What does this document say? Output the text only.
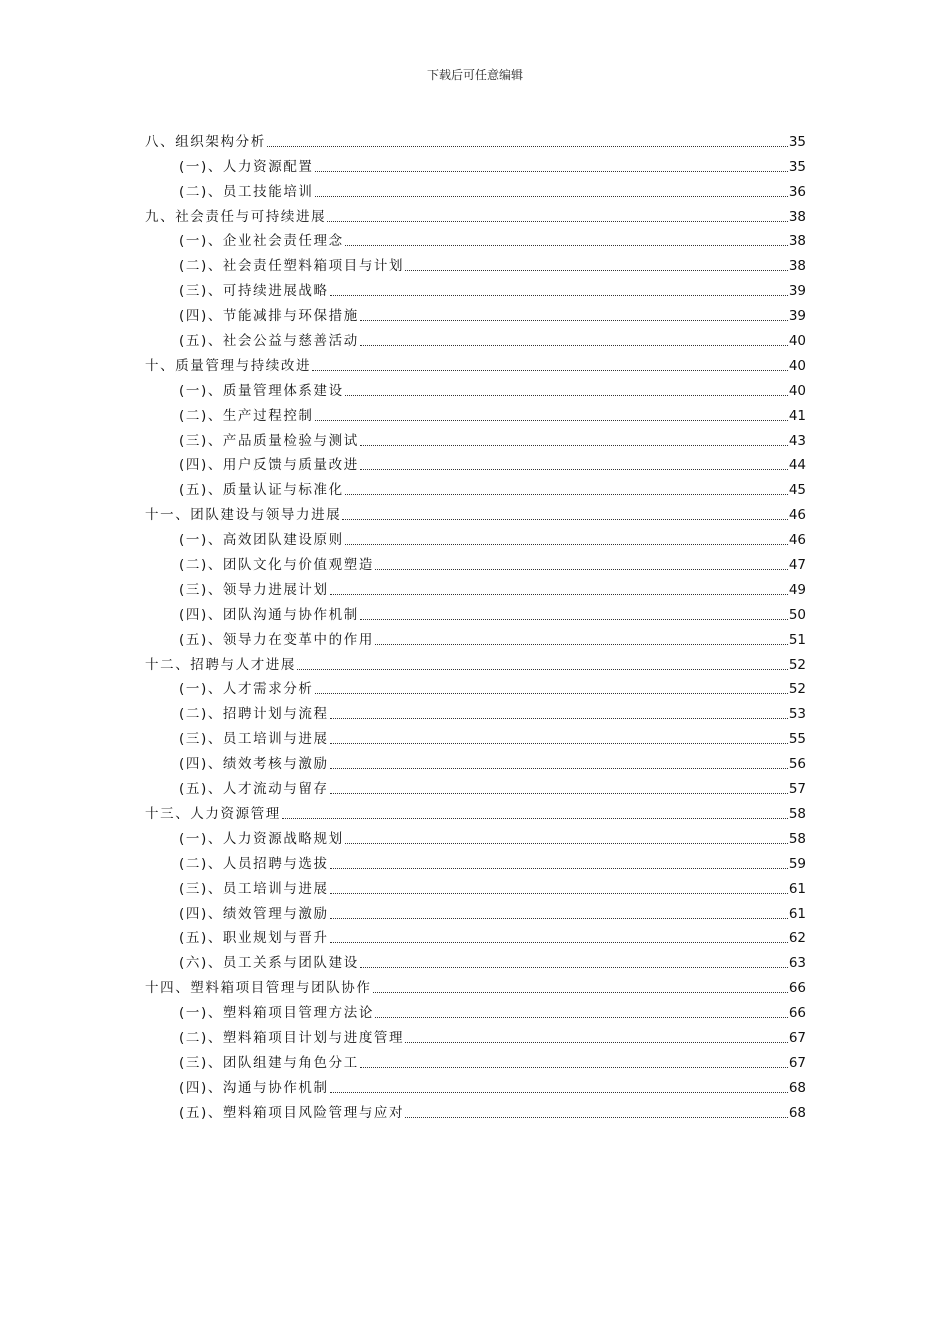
下载后可任意编辑
八、组织架构分析	35
(一)、人力资源配置	35
(二)、员工技能培训	36
九、社会责任与可持续进展	38
(一)、企业社会责任理念	38
(二)、社会责任塑料箱项目与计划	38
(三)、可持续进展战略	39
(四)、节能减排与环保措施	39
(五)、社会公益与慈善活动	40
十、质量管理与持续改进	40
(一)、质量管理体系建设	40
(二)、生产过程控制	41
(三)、产品质量检验与测试	43
(四)、用户反馈与质量改进	44
(五)、质量认证与标准化	45
十一、团队建设与领导力进展	46
(一)、高效团队建设原则	46
(二)、团队文化与价值观塑造	47
(三)、领导力进展计划	49
(四)、团队沟通与协作机制	50
(五)、领导力在变革中的作用	51
十二、招聘与人才进展	52
(一)、人才需求分析	52
(二)、招聘计划与流程	53
(三)、员工培训与进展	55
(四)、绩效考核与激励	56
(五)、人才流动与留存	57
十三、人力资源管理	58
(一)、人力资源战略规划	58
(二)、人员招聘与选拔	59
(三)、员工培训与进展	61
(四)、绩效管理与激励	61
(五)、职业规划与晋升	62
(六)、员工关系与团队建设	63
十四、塑料箱项目管理与团队协作	66
(一)、塑料箱项目管理方法论	66
(二)、塑料箱项目计划与进度管理	67
(三)、团队组建与角色分工	67
(四)、沟通与协作机制	68
(五)、塑料箱项目风险管理与应对	68
